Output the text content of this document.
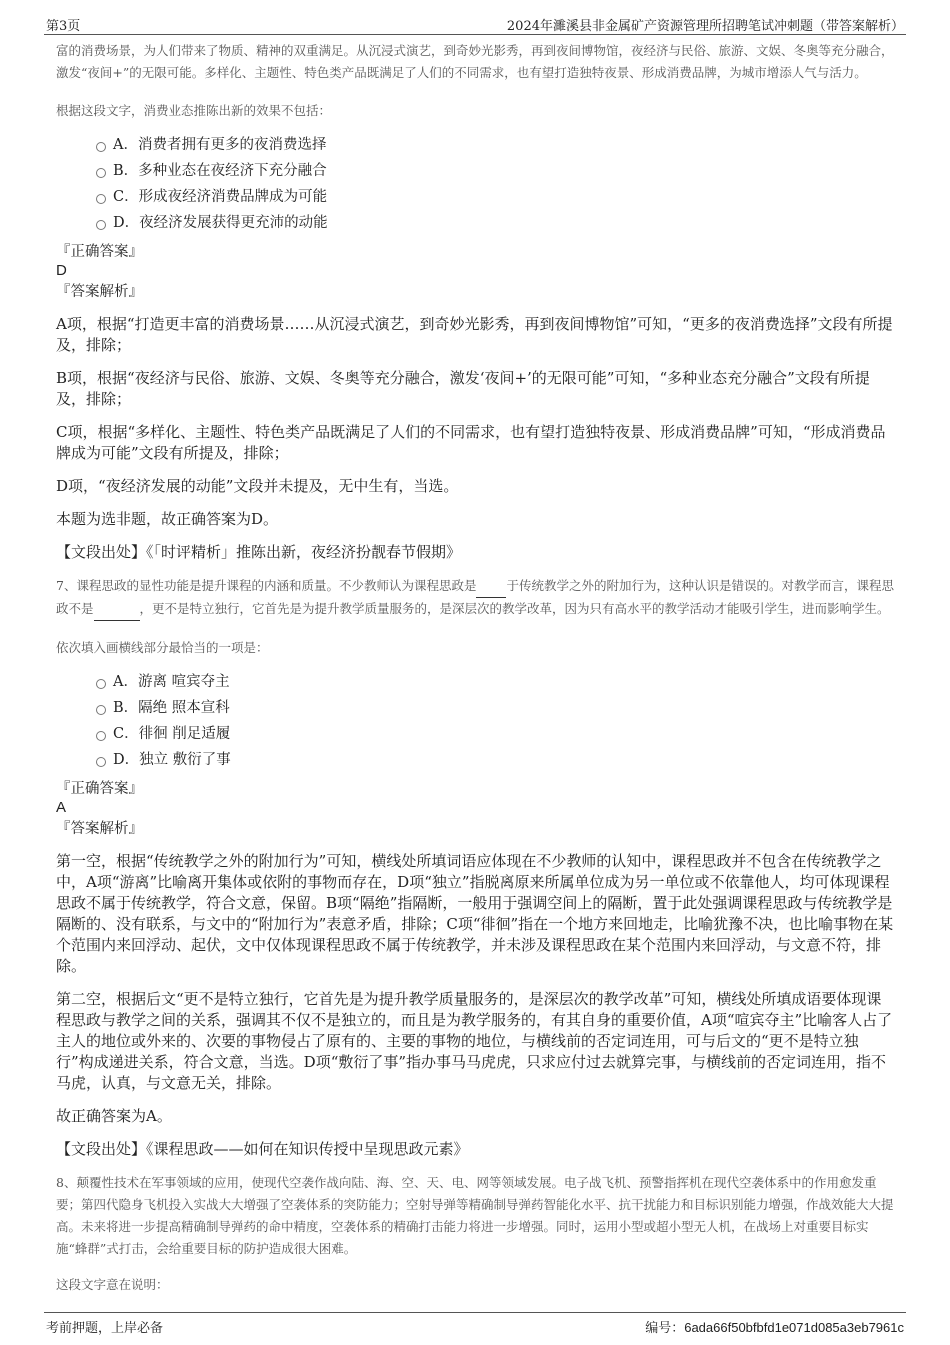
第3页	2024年濉溪县非金属矿产资源管理所招聘笔试冲刺题（带答案解析）

富的消费场景，为人们带来了物质、精神的双重满足。从沉浸式演艺，到奇妙光影秀，再到夜间博物馆，夜经济与民俗、旅游、文娱、冬奥等充分融合，激发“夜间+”的无限可能。多样化、主题性、特色类产品既满足了人们的不同需求，也有望打造独特夜景、形成消费品牌，为城市增添人气与活力。

根据这段文字，消费业态推陈出新的效果不包括：

A．消费者拥有更多的夜消费选择
B．多种业态在夜经济下充分融合
C．形成夜经济消费品牌成为可能
D．夜经济发展获得更充沛的动能
『正确答案』
D
『答案解析』

A项，根据“打造更丰富的消费场景……从沉浸式演艺，到奇妙光影秀，再到夜间博物馆”可知，“更多的夜消费选择”文段有所提及，排除；

B项，根据“夜经济与民俗、旅游、文娱、冬奥等充分融合，激发‘夜间+’的无限可能”可知，“多种业态充分融合”文段有所提及，排除；

C项，根据“多样化、主题性、特色类产品既满足了人们的不同需求，也有望打造独特夜景、形成消费品牌”可知，“形成消费品牌成为可能”文段有所提及，排除；

D项，“夜经济发展的动能”文段并未提及，无中生有，当选。

本题为选非题，故正确答案为D。

【文段出处】《「时评精析」推陈出新，夜经济扮靓春节假期》

7、课程思政的显性功能是提升课程的内涵和质量。不少教师认为课程思政是 于传统教学之外的附加行为，这种认识是错误的。对教学而言，课程思政不是	，更不是特立独行，它首先是为提升教学质量服务的，是深层次的教学改革，因为只有高水平的教学活动才能吸引学生，进而影响学生。

依次填入画横线部分最恰当的一项是：

A．游离 喧宾夺主
B．隔绝 照本宣科
C．徘徊 削足适履
D．独立 敷衍了事
『正确答案』
A
『答案解析』

第一空，根据“传统教学之外的附加行为”可知，横线处所填词语应体现在不少教师的认知中，课程思政并不包含在传统教学之中，A项“游离”比喻离开集体或依附的事物而存在，D项“独立”指脱离原来所属单位成为另一单位或不依靠他人，均可体现课程思政不属于传统教学，符合文意，保留。B项“隔绝”指隔断，一般用于强调空间上的隔断，置于此处强调课程思政与传统教学是隔断的、没有联系，与文中的“附加行为”表意矛盾，排除；C项“徘徊”指在一个地方来回地走，比喻犹豫不决，也比喻事物在某个范围内来回浮动、起伏，文中仅体现课程思政不属于传统教学，并未涉及课程思政在某个范围内来回浮动，与文意不符，排除。

第二空，根据后文“更不是特立独行，它首先是为提升教学质量服务的，是深层次的教学改革”可知，横线处所填成语要体现课程思政与教学之间的关系，强调其不仅不是独立的，而且是为教学服务的，有其自身的重要价值，A项“喧宾夺主”比喻客人占了主人的地位或外来的、次要的事物侵占了原有的、主要的事物的地位，与横线前的否定词连用，可与后文的“更不是特立独行”构成递进关系，符合文意，当选。D项“敷衍了事”指办事马马虎虎，只求应付过去就算完事，与横线前的否定词连用，指不马虎，认真，与文意无关，排除。

故正确答案为A。

【文段出处】《课程思政——如何在知识传授中呈现思政元素》

8、颠覆性技术在军事领域的应用，使现代空袭作战向陆、海、空、天、电、网等领域发展。电子战飞机、预警指挥机在现代空袭体系中的作用愈发重要；第四代隐身飞机投入实战大大增强了空袭体系的突防能力；空射导弹等精确制导弹药智能化水平、抗干扰能力和目标识别能力增强，作战效能大大提高。未来将进一步提高精确制导弹药的命中精度，空袭体系的精确打击能力将进一步增强。同时，运用小型或超小型无人机，在战场上对重要目标实施“蜂群”式打击，会给重要目标的防护造成很大困难。

这段文字意在说明：

考前押题，上岸必备	编号：6ada66f50bfbfd1e071d085a3eb7961c
